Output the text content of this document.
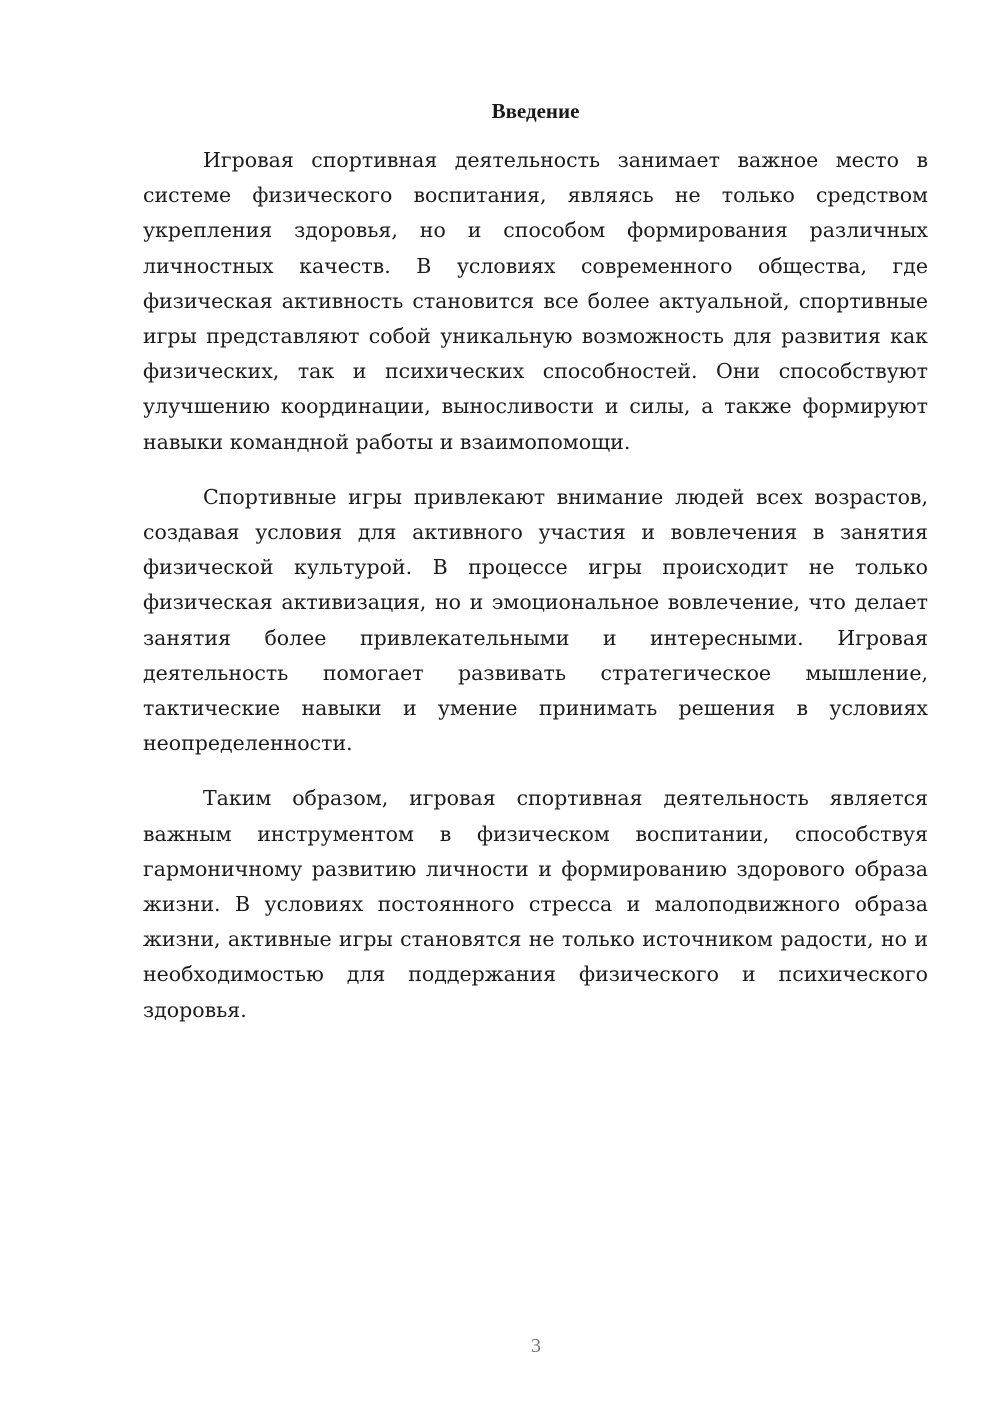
Введение

Игровая спортивная деятельность занимает важное место в системе физического воспитания, являясь не только средством укрепления здоровья, но и способом формирования различных личностных качеств. В условиях современного общества, где физическая активность становится все более актуальной, спортивные игры представляют собой уникальную возможность для развития как физических, так и психических способностей. Они способствуют улучшению координации, выносливости и силы, а также формируют навыки командной работы и взаимопомощи.

Спортивные игры привлекают внимание людей всех возрастов, создавая условия для активного участия и вовлечения в занятия физической культурой. В процессе игры происходит не только физическая активизация, но и эмоциональное вовлечение, что делает занятия более привлекательными и интересными. Игровая деятельность помогает развивать стратегическое мышление, тактические навыки и умение принимать решения в условиях неопределенности.

Таким образом, игровая спортивная деятельность является важным инструментом в физическом воспитании, способствуя гармоничному развитию личности и формированию здорового образа жизни. В условиях постоянного стресса и малоподвижного образа жизни, активные игры становятся не только источником радости, но и необходимостью для поддержания физического и психического здоровья.

3
